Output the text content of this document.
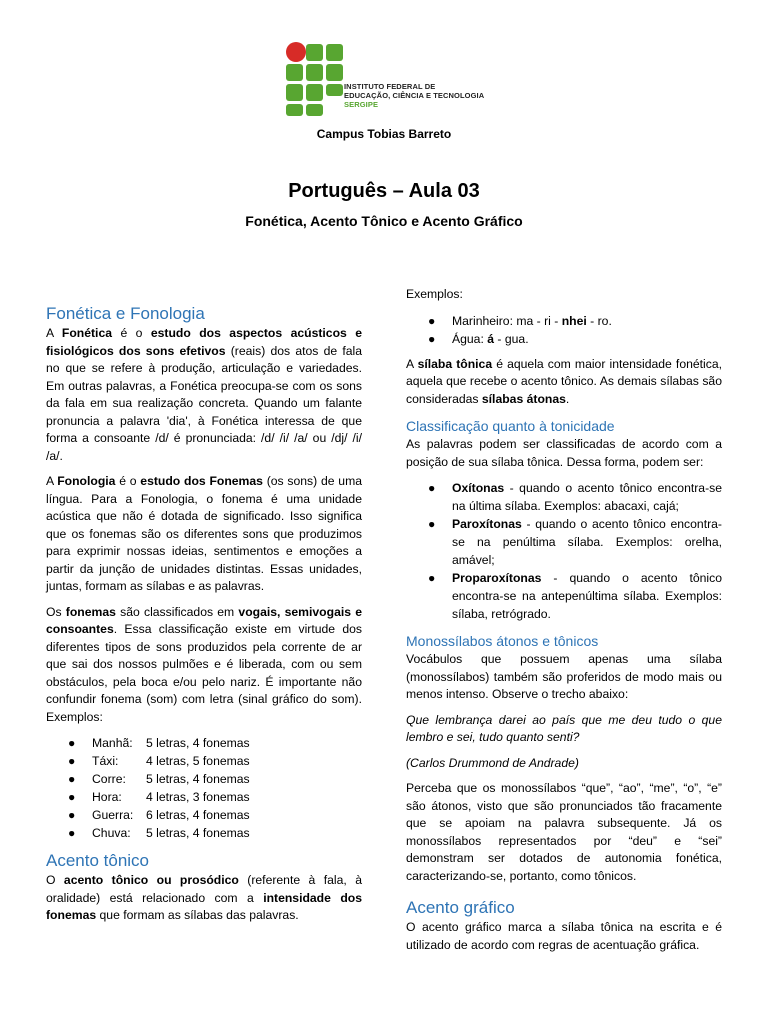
INSTITUTO FEDERAL DE
EDUCAÇÃO, CIÊNCIA E TECNOLOGIA
SERGIPE
Campus Tobias Barreto
Português – Aula 03
Fonética, Acento Tônico e Acento Gráfico
Fonética e Fonologia

A Fonética é o estudo dos aspectos acústicos e fisiológicos dos sons efetivos (reais) dos atos de fala no que se refere à produção, articulação e variedades. Em outras palavras, a Fonética preocupa-se com os sons da fala em sua realização concreta. Quando um falante pronuncia a palavra 'dia', à Fonética interessa de que forma a consoante /d/ é pronunciada: /d/ /i/ /a/ ou /dj/ /i/ /a/.

A Fonologia é o estudo dos Fonemas (os sons) de uma língua. Para a Fonologia, o fonema é uma unidade acústica que não é dotada de significado. Isso significa que os fonemas são os diferentes sons que produzimos para exprimir nossas ideias, sentimentos e emoções a partir da junção de unidades distintas. Essas unidades, juntas, formam as sílabas e as palavras.

Os fonemas são classificados em vogais, semivogais e consoantes. Essa classificação existe em virtude dos diferentes tipos de sons produzidos pela corrente de ar que sai dos nossos pulmões e é liberada, com ou sem obstáculos, pela boca e/ou pelo nariz. É importante não confundir fonema (som) com letra (sinal gráfico do som). Exemplos:

● Manhã: 5 letras, 4 fonemas
● Táxi: 4 letras, 5 fonemas
● Corre: 5 letras, 4 fonemas
● Hora: 4 letras, 3 fonemas
● Guerra: 6 letras, 4 fonemas
● Chuva: 5 letras, 4 fonemas
Acento tônico

O acento tônico ou prosódico (referente à fala, à oralidade) está relacionado com a intensidade dos fonemas que formam as sílabas das palavras.

Exemplos:

● Marinheiro: ma - ri - nhei - ro.
● Água: á - gua.

A sílaba tônica é aquela com maior intensidade fonética, aquela que recebe o acento tônico. As demais sílabas são consideradas sílabas átonas.

Classificação quanto à tonicidade

As palavras podem ser classificadas de acordo com a posição de sua sílaba tônica. Dessa forma, podem ser:

● Oxítonas - quando o acento tônico encontra-se na última sílaba. Exemplos: abacaxi, cajá;
● Paroxítonas - quando o acento tônico encontra-se na penúltima sílaba. Exemplos: orelha, amável;
● Proparoxítonas - quando o acento tônico encontra-se na antepenúltima sílaba. Exemplos: sílaba, retrógrado.
Monossílabos átonos e tônicos

Vocábulos que possuem apenas uma sílaba (monossílabos) também são proferidos de modo mais ou menos intenso. Observe o trecho abaixo:

Que lembrança darei ao país que me deu tudo o que lembro e sei, tudo quanto senti?

(Carlos Drummond de Andrade)

Perceba que os monossílabos “que”, “ao”, “me”, “o”, “e” são átonos, visto que são pronunciados tão fracamente que se apoiam na palavra subsequente. Já os monossílabos representados por “deu” e “sei” demonstram ser dotados de autonomia fonética, caracterizando-se, portanto, como tônicos.

Acento gráfico

O acento gráfico marca a sílaba tônica na escrita e é utilizado de acordo com regras de acentuação gráfica.
